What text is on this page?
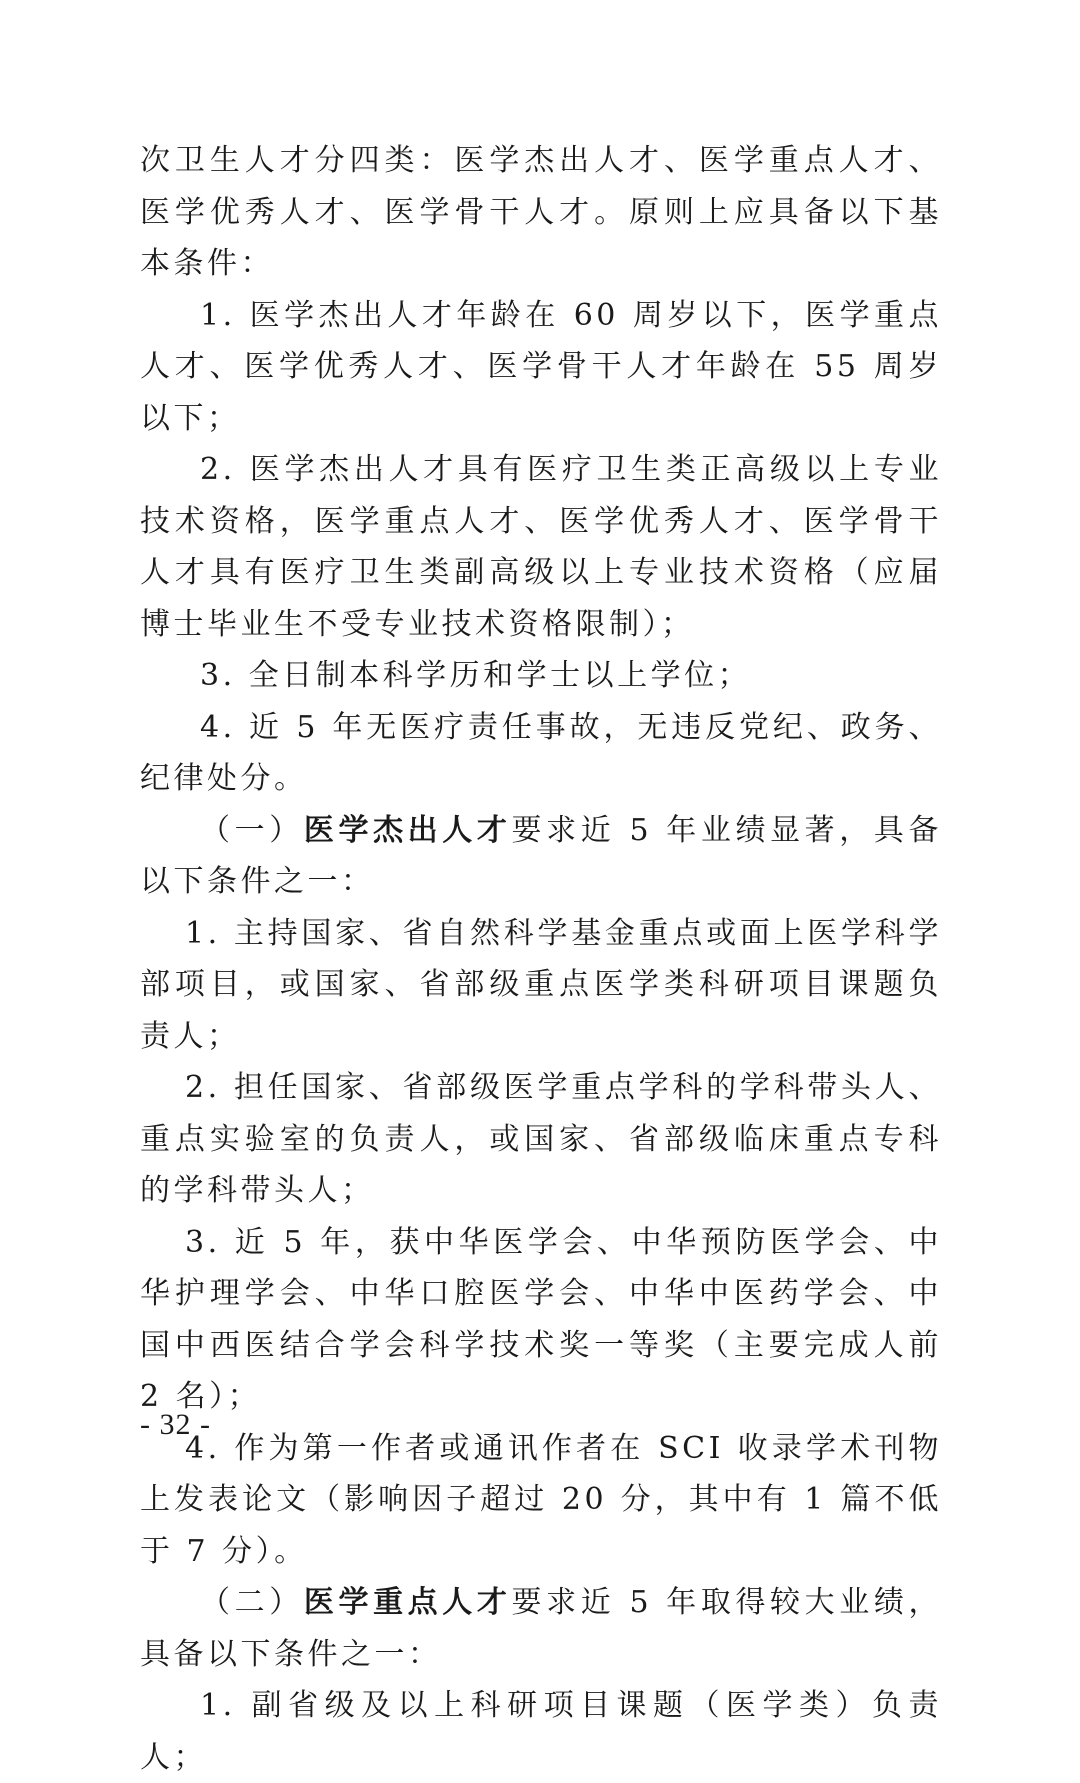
次卫生人才分四类：医学杰出人才、医学重点人才、医学优秀人才、医学骨干人才。原则上应具备以下基本条件：

1. 医学杰出人才年龄在 60 周岁以下，医学重点人才、医学优秀人才、医学骨干人才年龄在 55 周岁以下；

2. 医学杰出人才具有医疗卫生类正高级以上专业技术资格，医学重点人才、医学优秀人才、医学骨干人才具有医疗卫生类副高级以上专业技术资格（应届博士毕业生不受专业技术资格限制）；

3. 全日制本科学历和学士以上学位；

4. 近 5 年无医疗责任事故，无违反党纪、政务、纪律处分。

（一）医学杰出人才要求近 5 年业绩显著，具备以下条件之一：

1. 主持国家、省自然科学基金重点或面上医学科学部项目，或国家、省部级重点医学类科研项目课题负责人；

2. 担任国家、省部级医学重点学科的学科带头人、重点实验室的负责人，或国家、省部级临床重点专科的学科带头人；

3. 近 5 年，获中华医学会、中华预防医学会、中华护理学会、中华口腔医学会、中华中医药学会、中国中西医结合学会科学技术奖一等奖（主要完成人前 2 名）；

4. 作为第一作者或通讯作者在 SCI 收录学术刊物上发表论文（影响因子超过 20 分，其中有 1 篇不低于 7 分）。

（二）医学重点人才要求近 5 年取得较大业绩，具备以下条件之一：

1. 副省级及以上科研项目课题（医学类）负责人；

- 32 -
